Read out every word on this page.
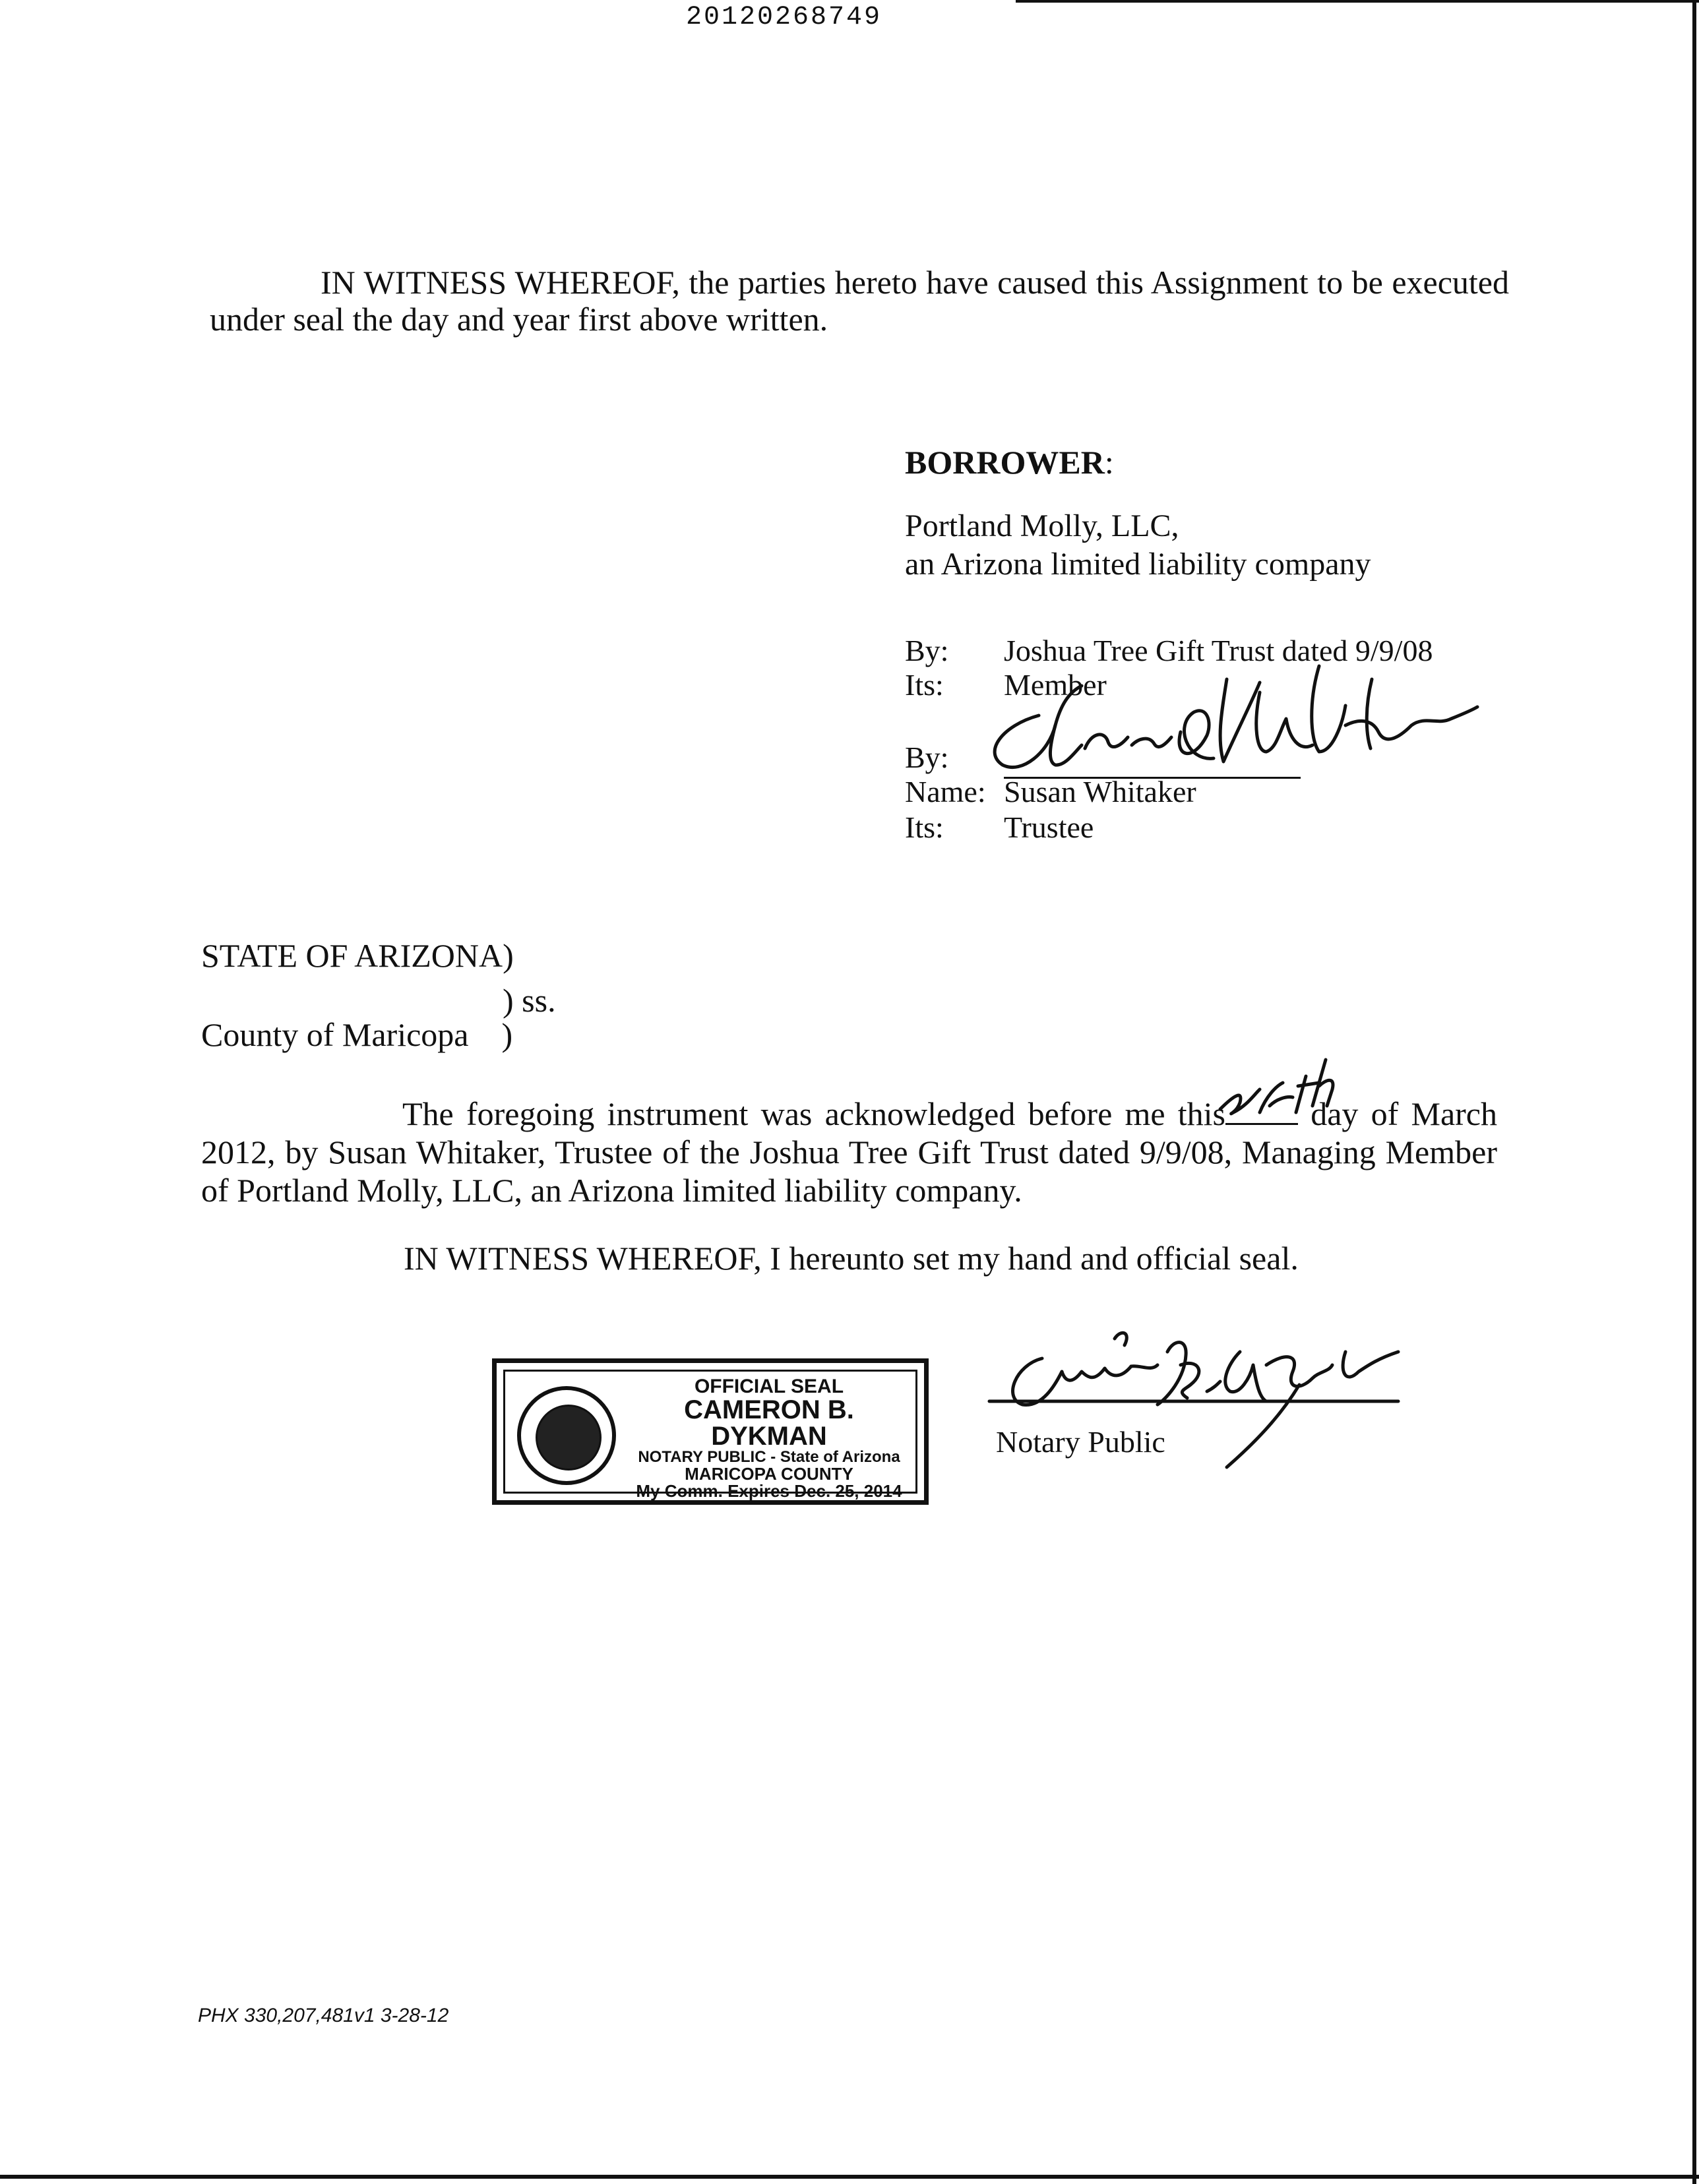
20120268749

IN WITNESS WHEREOF, the parties hereto have caused this Assignment to be executed under seal the day and year first above written.

BORROWER:
Portland Molly, LLC,
an Arizona limited liability company
By: Joshua Tree Gift Trust dated 9/9/08
Its: Member
By:
Name: Susan Whitaker
Its: Trustee
STATE OF ARIZONA)
) ss.
County of Maricopa    )

The foregoing instrument was acknowledged before me this day of March 2012, by Susan Whitaker, Trustee of the Joshua Tree Gift Trust dated 9/9/08, Managing Member of Portland Molly, LLC, an Arizona limited liability company.

IN WITNESS WHEREOF, I hereunto set my hand and official seal.
OFFICIAL SEAL
CAMERON B. DYKMAN
NOTARY PUBLIC - State of Arizona
MARICOPA COUNTY
My Comm. Expires Dec. 25, 2014
Notary Public
PHX 330,207,481v1 3-28-12
